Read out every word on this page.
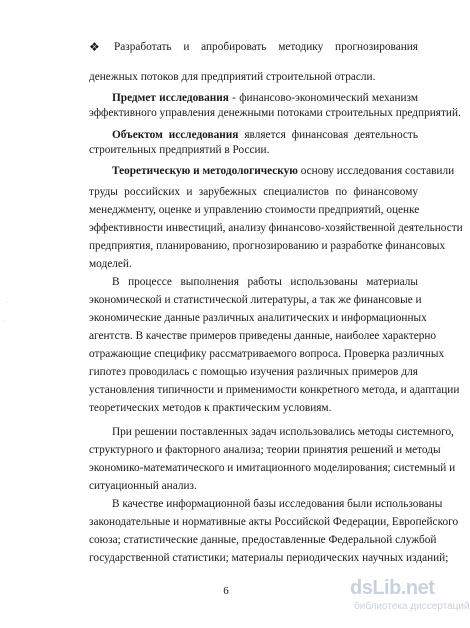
❖ Разработать и апробировать методику прогнозирования
денежных потоков для предприятий строительной отрасли.
Предмет исследования - финансово-экономический механизм
эффективного управления денежными потоками строительных предприятий.
Объектом исследования является финансовая деятельность
строительных предприятий в России.
Теоретическую и методологическую основу исследования составили
труды российских и зарубежных специалистов по финансовому
менеджменту, оценке и управлению стоимости предприятий, оценке
эффективности инвестиций, анализу финансово-хозяйственной деятельности
предприятия, планированию, прогнозированию и разработке финансовых
моделей.
В процессе выполнения работы использованы материалы
экономической и статистической литературы, а так же финансовые и
экономические данные различных аналитических и информационных
агентств. В качестве примеров приведены данные, наиболее характерно
отражающие специфику рассматриваемого вопроса. Проверка различных
гипотез проводилась с помощью изучения различных примеров для
установления типичности и применимости конкретного метода, и адаптации
теоретических методов к практическим условиям.
При решении поставленных задач использовались методы системного,
структурного и факторного анализа; теории принятия решений и методы
экономико-математического и имитационного моделирования; системный и
ситуационный анализ.
В качестве информационной базы исследования были использованы
законодательные и нормативные акты Российской Федерации, Европейского
союза; статистические данные, предоставленные Федеральной службой
государственной статистики; материалы периодических научных изданий;
6
·
·
dsLib.net
библиотека диссертаций
